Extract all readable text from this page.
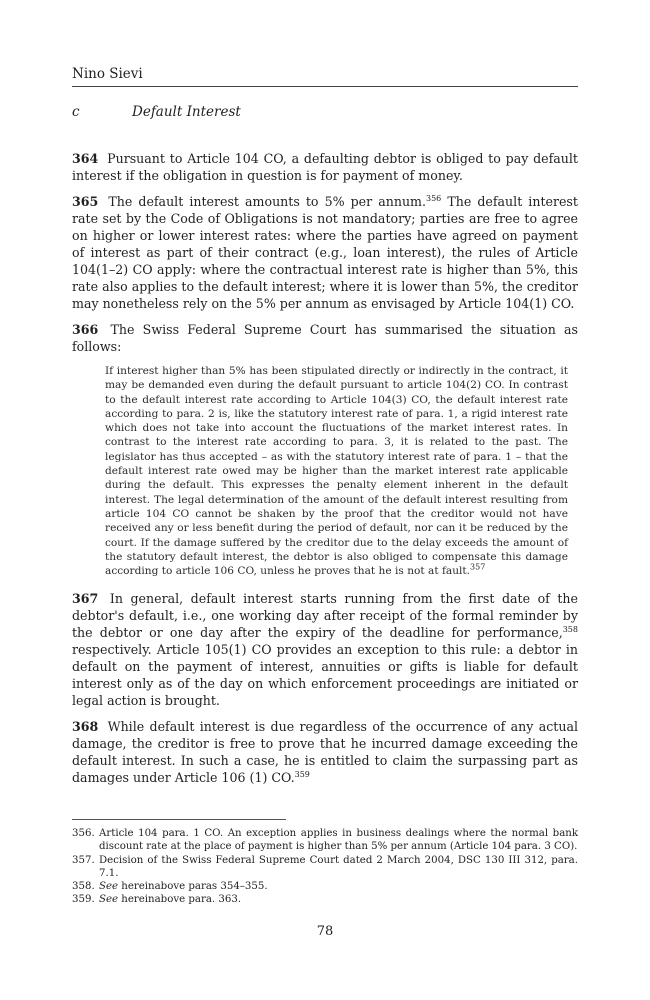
Nino Sievi
c	Default Interest

364 Pursuant to Article 104 CO, a defaulting debtor is obliged to pay default interest if the obligation in question is for payment of money.

365 The default interest amounts to 5% per annum.$^{356}$ The default interest rate set by the Code of Obligations is not mandatory; parties are free to agree on higher or lower interest rates: where the parties have agreed on payment of interest as part of their contract (e.g., loan interest), the rules of Article 104(1–2) CO apply: where the contractual interest rate is higher than 5%, this rate also applies to the default interest; where it is lower than 5%, the creditor may nonetheless rely on the 5% per annum as envisaged by Article 104(1) CO.

366 The Swiss Federal Supreme Court has summarised the situation as follows:

If interest higher than 5% has been stipulated directly or indirectly in the contract, it may be demanded even during the default pursuant to article 104(2) CO. In contrast to the default interest rate according to Article 104(3) CO, the default interest rate according to para. 2 is, like the statutory interest rate of para. 1, a rigid interest rate which does not take into account the fluctuations of the market interest rates. In contrast to the interest rate according to para. 3, it is related to the past. The legislator has thus accepted – as with the statutory interest rate of para. 1 – that the default interest rate owed may be higher than the market interest rate applicable during the default. This expresses the penalty element inherent in the default interest. The legal determination of the amount of the default interest resulting from article 104 CO cannot be shaken by the proof that the creditor would not have received any or less benefit during the period of default, nor can it be reduced by the court. If the damage suffered by the creditor due to the delay exceeds the amount of the statutory default interest, the debtor is also obliged to compensate this damage according to article 106 CO, unless he proves that he is not at fault.$^{357}$

367 In general, default interest starts running from the first date of the debtor's default, i.e., one working day after receipt of the formal reminder by the debtor or one day after the expiry of the deadline for performance,$^{358}$ respectively. Article 105(1) CO provides an exception to this rule: a debtor in default on the payment of interest, annuities or gifts is liable for default interest only as of the day on which enforcement proceedings are initiated or legal action is brought.

368 While default interest is due regardless of the occurrence of any actual damage, the creditor is free to prove that he incurred damage exceeding the default interest. In such a case, he is entitled to claim the surpassing part as damages under Article 106 (1) CO.$^{359}$

356. Article 104 para. 1 CO. An exception applies in business dealings where the normal bank discount rate at the place of payment is higher than 5% per annum (Article 104 para. 3 CO).
357. Decision of the Swiss Federal Supreme Court dated 2 March 2004, DSC 130 III 312, para. 7.1.
358. See hereinabove paras 354–355.
359. See hereinabove para. 363.
78
